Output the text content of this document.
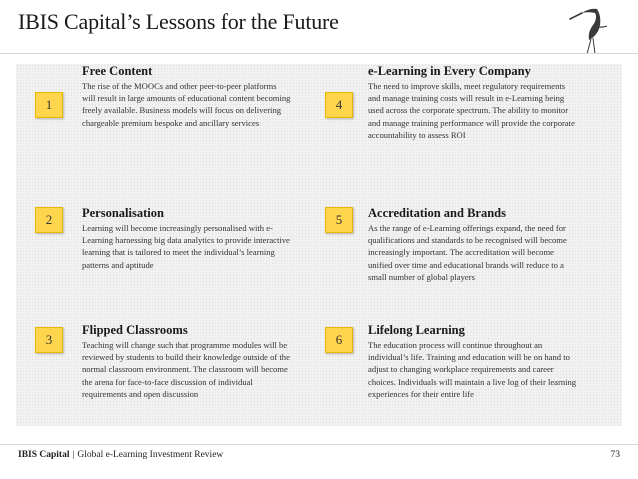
IBIS Capital’s Lessons for the Future
1
Free Content
The rise of the MOOCs and other peer-to-peer platforms will result in large amounts of educational content becoming freely available. Business models will focus on delivering chargeable premium bespoke and ancillary services
2	Personalisation
Learning will become increasingly personalised with e-Learning harnessing big data analytics to provide interactive learning that is tailored to meet the individual’s learning patterns and aptitude
3
Flipped Classrooms
Teaching will change such that programme modules will be reviewed by students to build their knowledge outside of the normal classroom environment. The classroom will become the arena for face-to-face discussion of individual requirements and open discussion
4
e-Learning in Every Company
The need to improve skills, meet regulatory requirements and manage training costs will result in e-Learning being used across the corporate spectrum. The ability to monitor and manage training performance will provide the corporate accountability to assess ROI
5	Accreditation and Brands
As the range of e-Learning offerings expand, the need for qualifications and standards to be recognised will become increasingly important. The accreditation will become unified over time and educational brands will reduce to a small number of global players
6
Lifelong Learning
The education process will continue throughout an individual’s life. Training and education will be on hand to adjust to changing workplace requirements and career choices. Individuals will maintain a live log of their learning experiences for their entire life
IBIS Capital | Global e-Learning Investment Review	73
